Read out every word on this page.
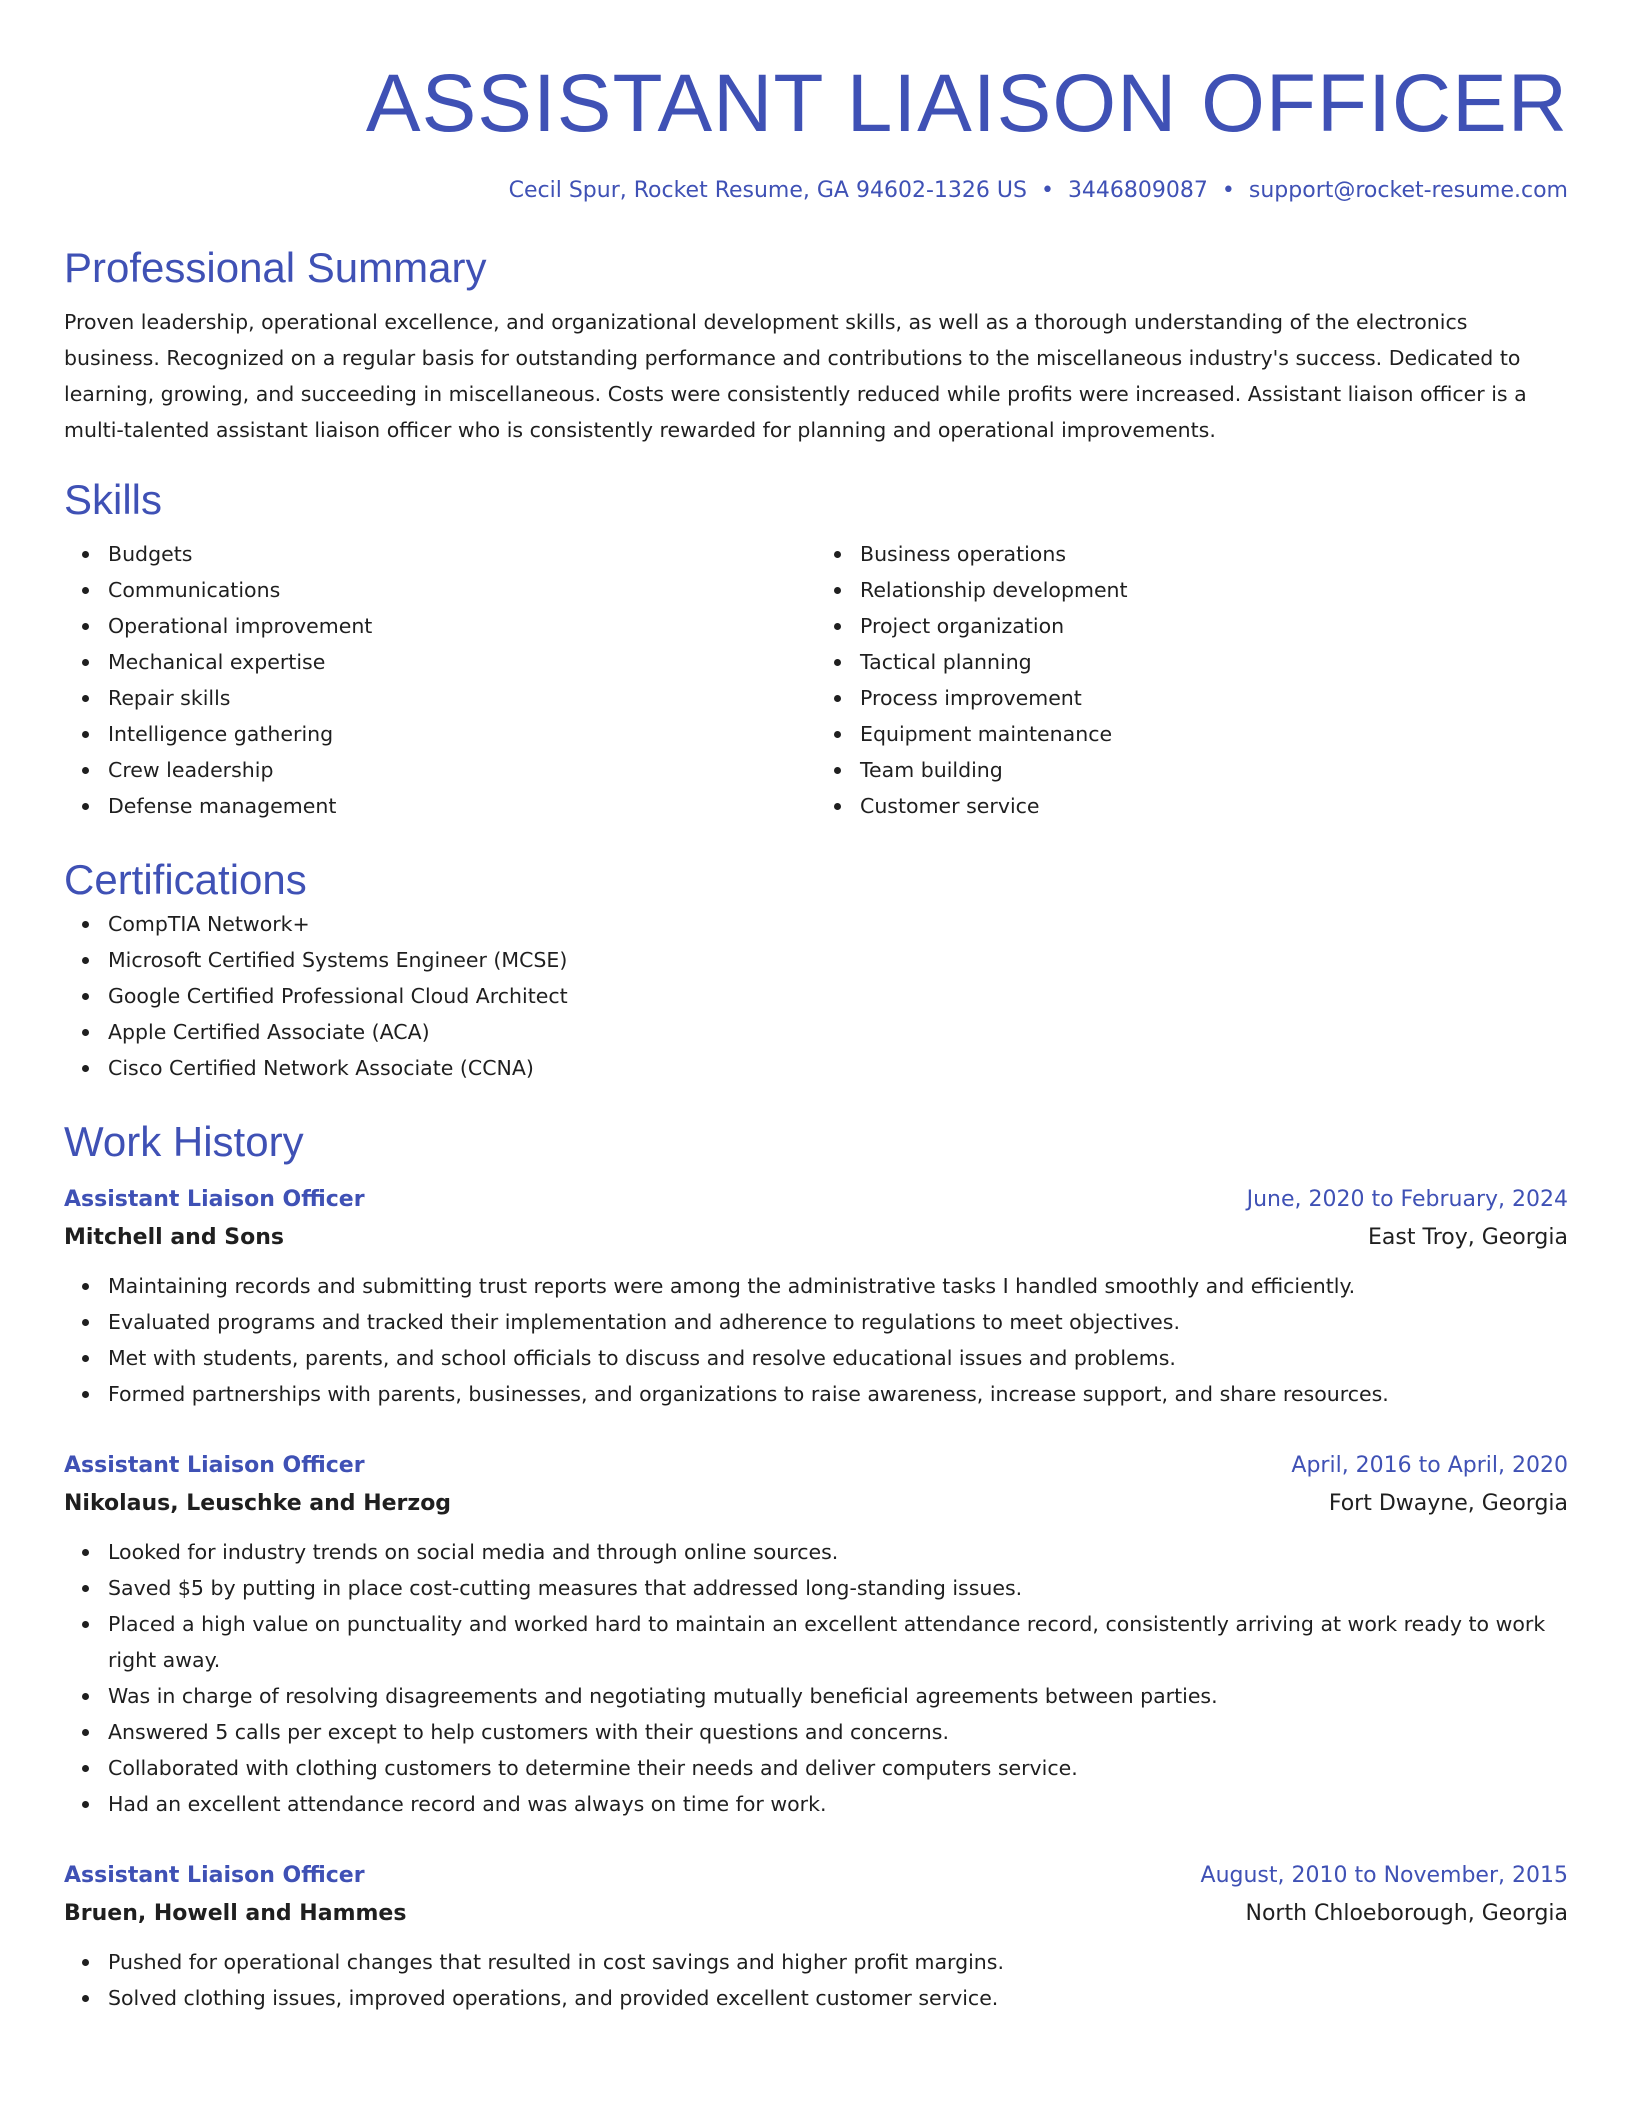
ASSISTANT LIAISON OFFICER
Cecil Spur, Rocket Resume, GA 94602-1326 US • 3446809087 • support@rocket-resume.com
Professional Summary

Proven leadership, operational excellence, and organizational development skills, as well as a thorough understanding of the electronics business. Recognized on a regular basis for outstanding performance and contributions to the miscellaneous industry's success. Dedicated to learning, growing, and succeeding in miscellaneous. Costs were consistently reduced while profits were increased. Assistant liaison officer is a multi-talented assistant liaison officer who is consistently rewarded for planning and operational improvements.

Skills
Budgets
Communications
Operational improvement
Mechanical expertise
Repair skills
Intelligence gathering
Crew leadership
Defense management
Business operations
Relationship development
Project organization
Tactical planning
Process improvement
Equipment maintenance
Team building
Customer service
Certifications
CompTIA Network+
Microsoft Certified Systems Engineer (MCSE)
Google Certified Professional Cloud Architect
Apple Certified Associate (ACA)
Cisco Certified Network Associate (CCNA)
Work History
Assistant Liaison Officer	June, 2020 to February, 2024
Mitchell and Sons	East Troy, Georgia
Maintaining records and submitting trust reports were among the administrative tasks I handled smoothly and efficiently.
Evaluated programs and tracked their implementation and adherence to regulations to meet objectives.
Met with students, parents, and school officials to discuss and resolve educational issues and problems.
Formed partnerships with parents, businesses, and organizations to raise awareness, increase support, and share resources.
Assistant Liaison Officer	April, 2016 to April, 2020
Nikolaus, Leuschke and Herzog	Fort Dwayne, Georgia
Looked for industry trends on social media and through online sources.
Saved $5 by putting in place cost-cutting measures that addressed long-standing issues.
Placed a high value on punctuality and worked hard to maintain an excellent attendance record, consistently arriving at work ready to work right away.
Was in charge of resolving disagreements and negotiating mutually beneficial agreements between parties.
Answered 5 calls per except to help customers with their questions and concerns.
Collaborated with clothing customers to determine their needs and deliver computers service.
Had an excellent attendance record and was always on time for work.
Assistant Liaison Officer	August, 2010 to November, 2015
Bruen, Howell and Hammes	North Chloeborough, Georgia
Pushed for operational changes that resulted in cost savings and higher profit margins.
Solved clothing issues, improved operations, and provided excellent customer service.
